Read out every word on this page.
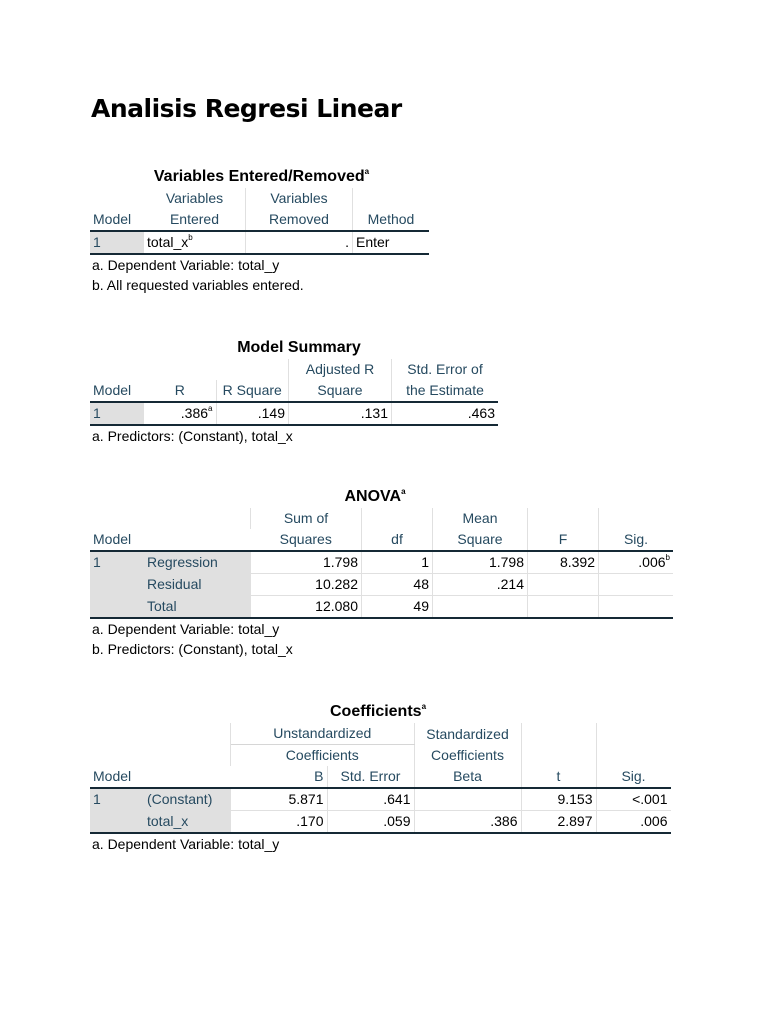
Analisis Regresi Linear
Variables Entered/Removed$^a$
	Variables	Variables	
Model	Entered	Removed	Method
1	$total\_x^b$	.	Enter
a. Dependent Variable: total_y
b. All requested variables entered.
Model Summary
			Adjusted R	Std. Error of
Model	R	R Square	Square	the Estimate
1	.386$^a$	.149	.131	.463
a. Predictors: (Constant), total_x
ANOVA$^a$
		Sum of		Mean		
Model		Squares	df	Square	F	Sig.
1	Regression	1.798	1	1.798	8.392	.006$^b$
	Residual	10.282	48	.214		
	Total	12.080	49			
a. Dependent Variable: total_y
b. Predictors: (Constant), total_x
Coefficients$^a$
		Unstandardized		Standardized		
		Coefficients		Coefficients		
Model		B	Std. Error	Beta	t	Sig.
1	(Constant)	5.871	.641		9.153	<.001
	total_x	.170	.059	.386	2.897	.006
a. Dependent Variable: total_y
